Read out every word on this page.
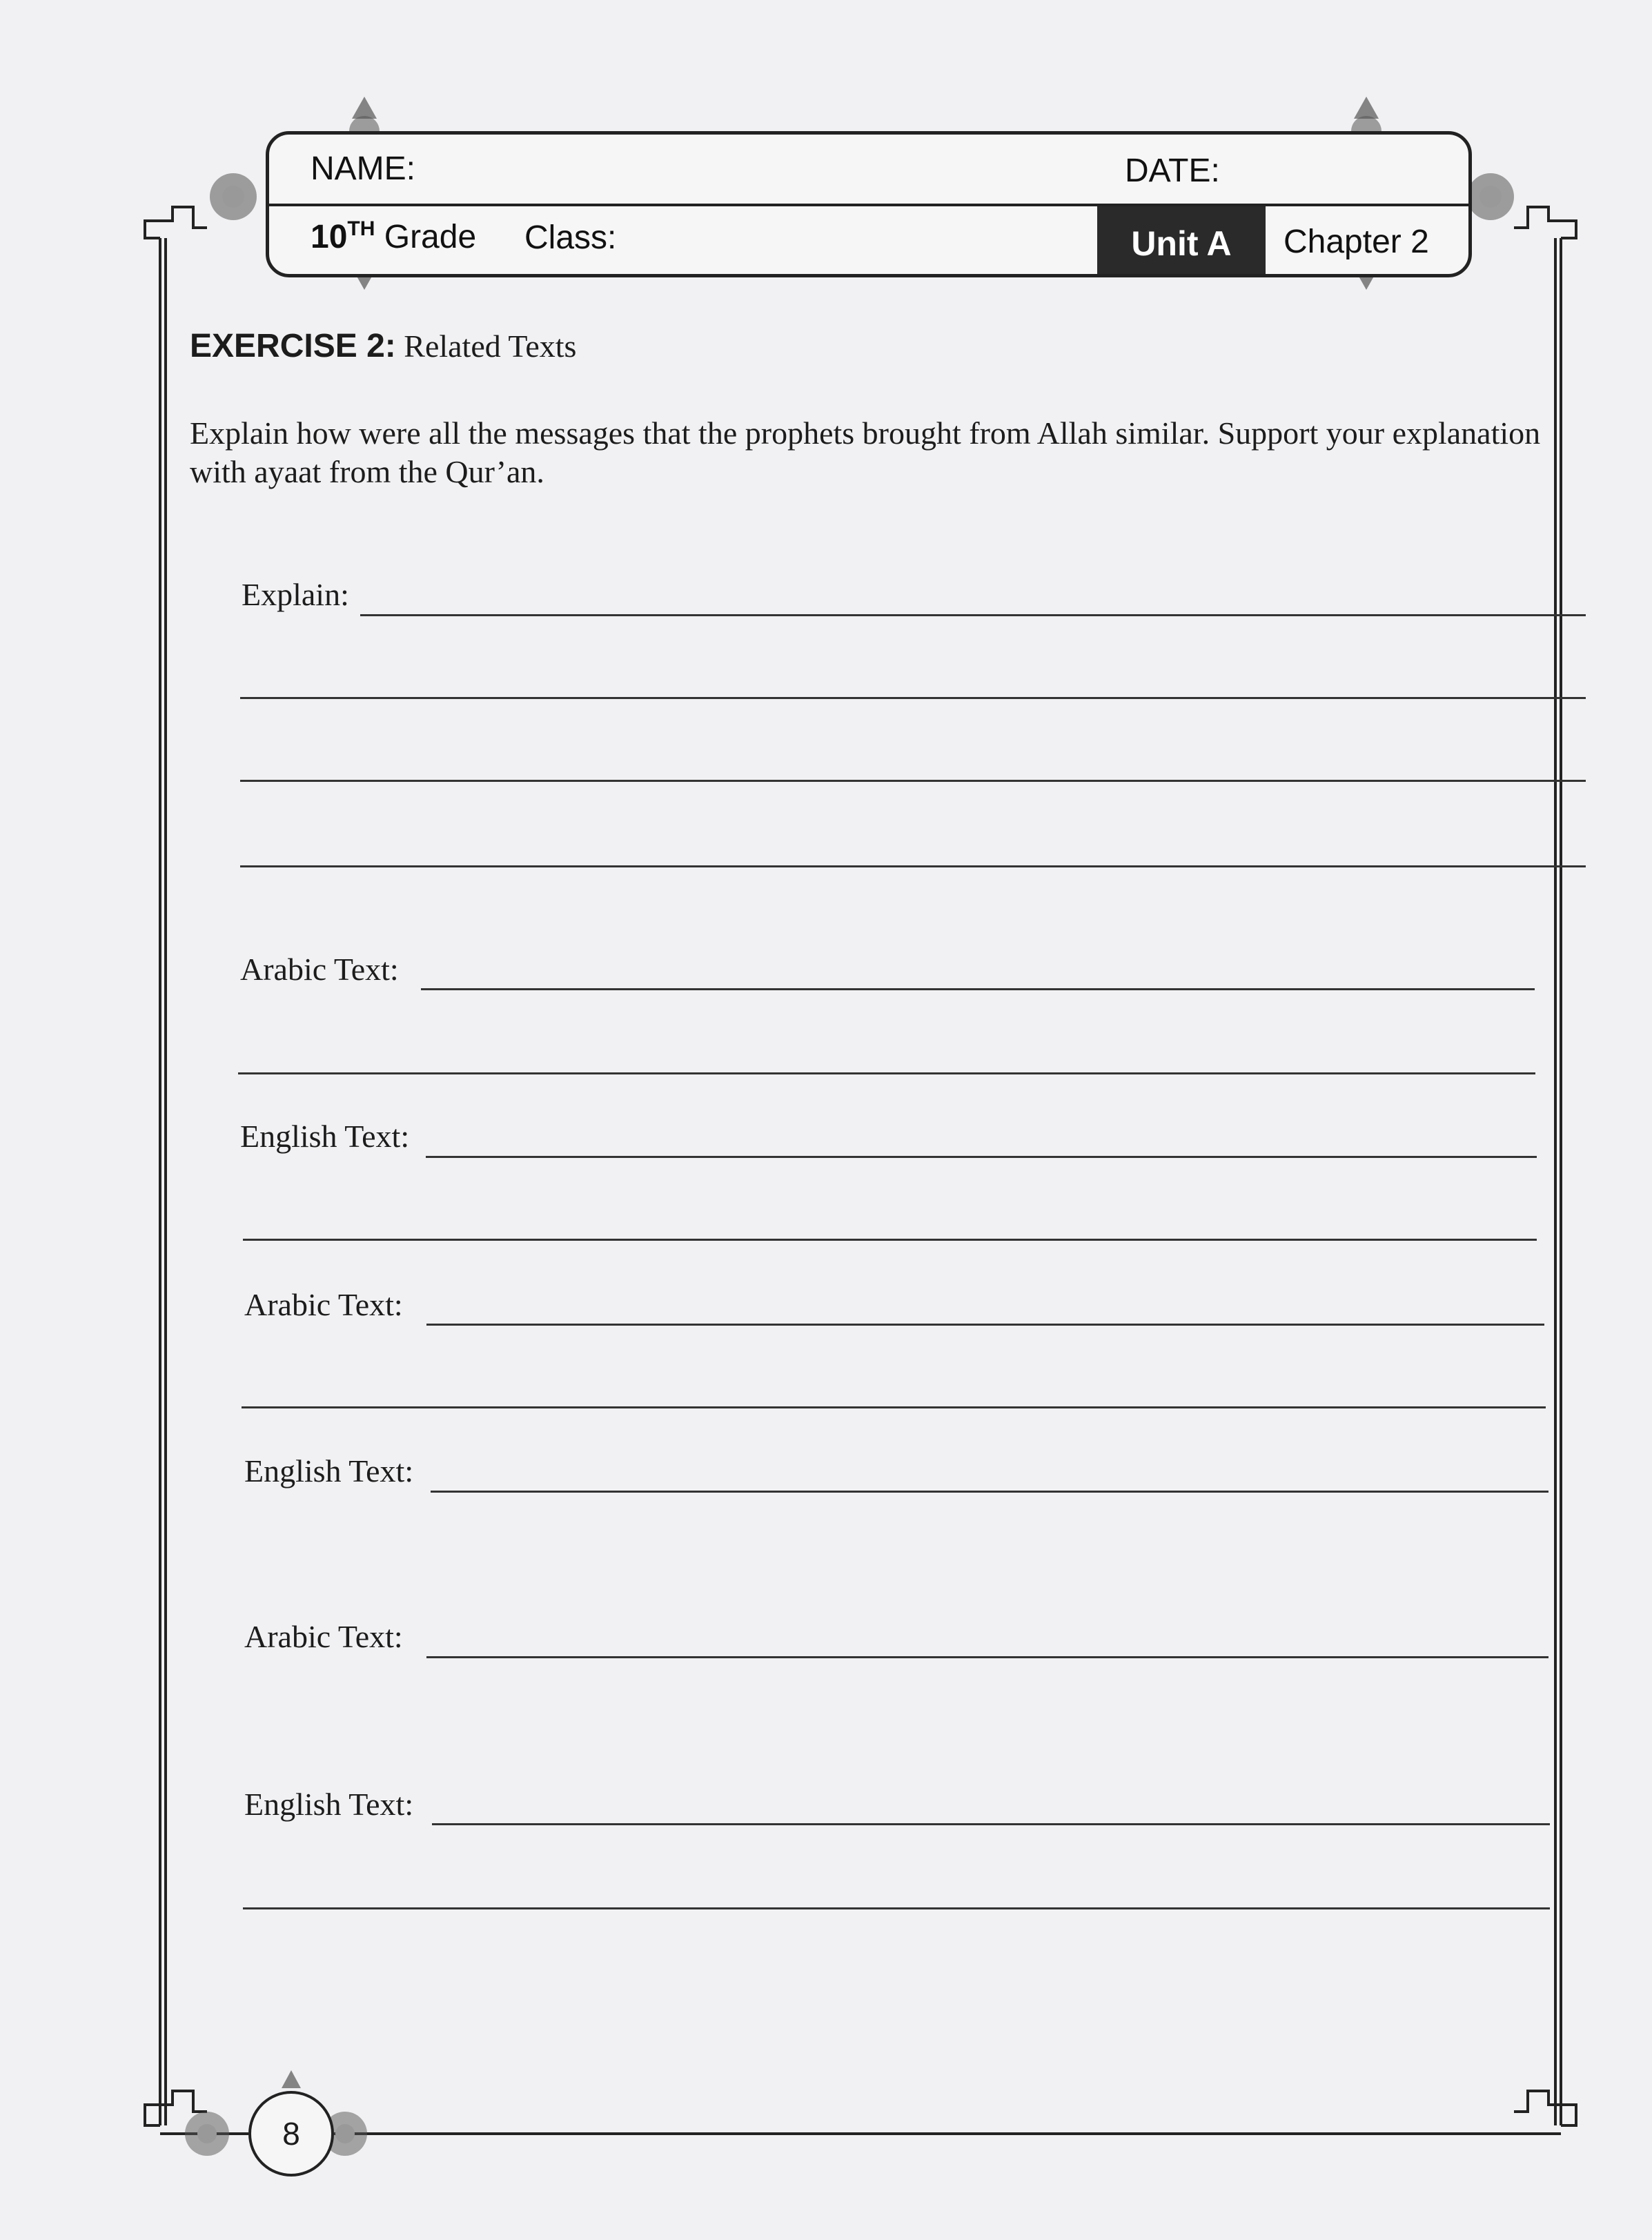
NAME:	DATE:
10TH Grade Class:	Unit A	Chapter 2
EXERCISE 2: Related Texts
Explain how were all the messages that the prophets brought from Allah similar. Support your explanation with ayaat from the Qur’an.
Explain:
Arabic Text:
English Text:
Arabic Text:
English Text:
Arabic Text:
English Text:
8
